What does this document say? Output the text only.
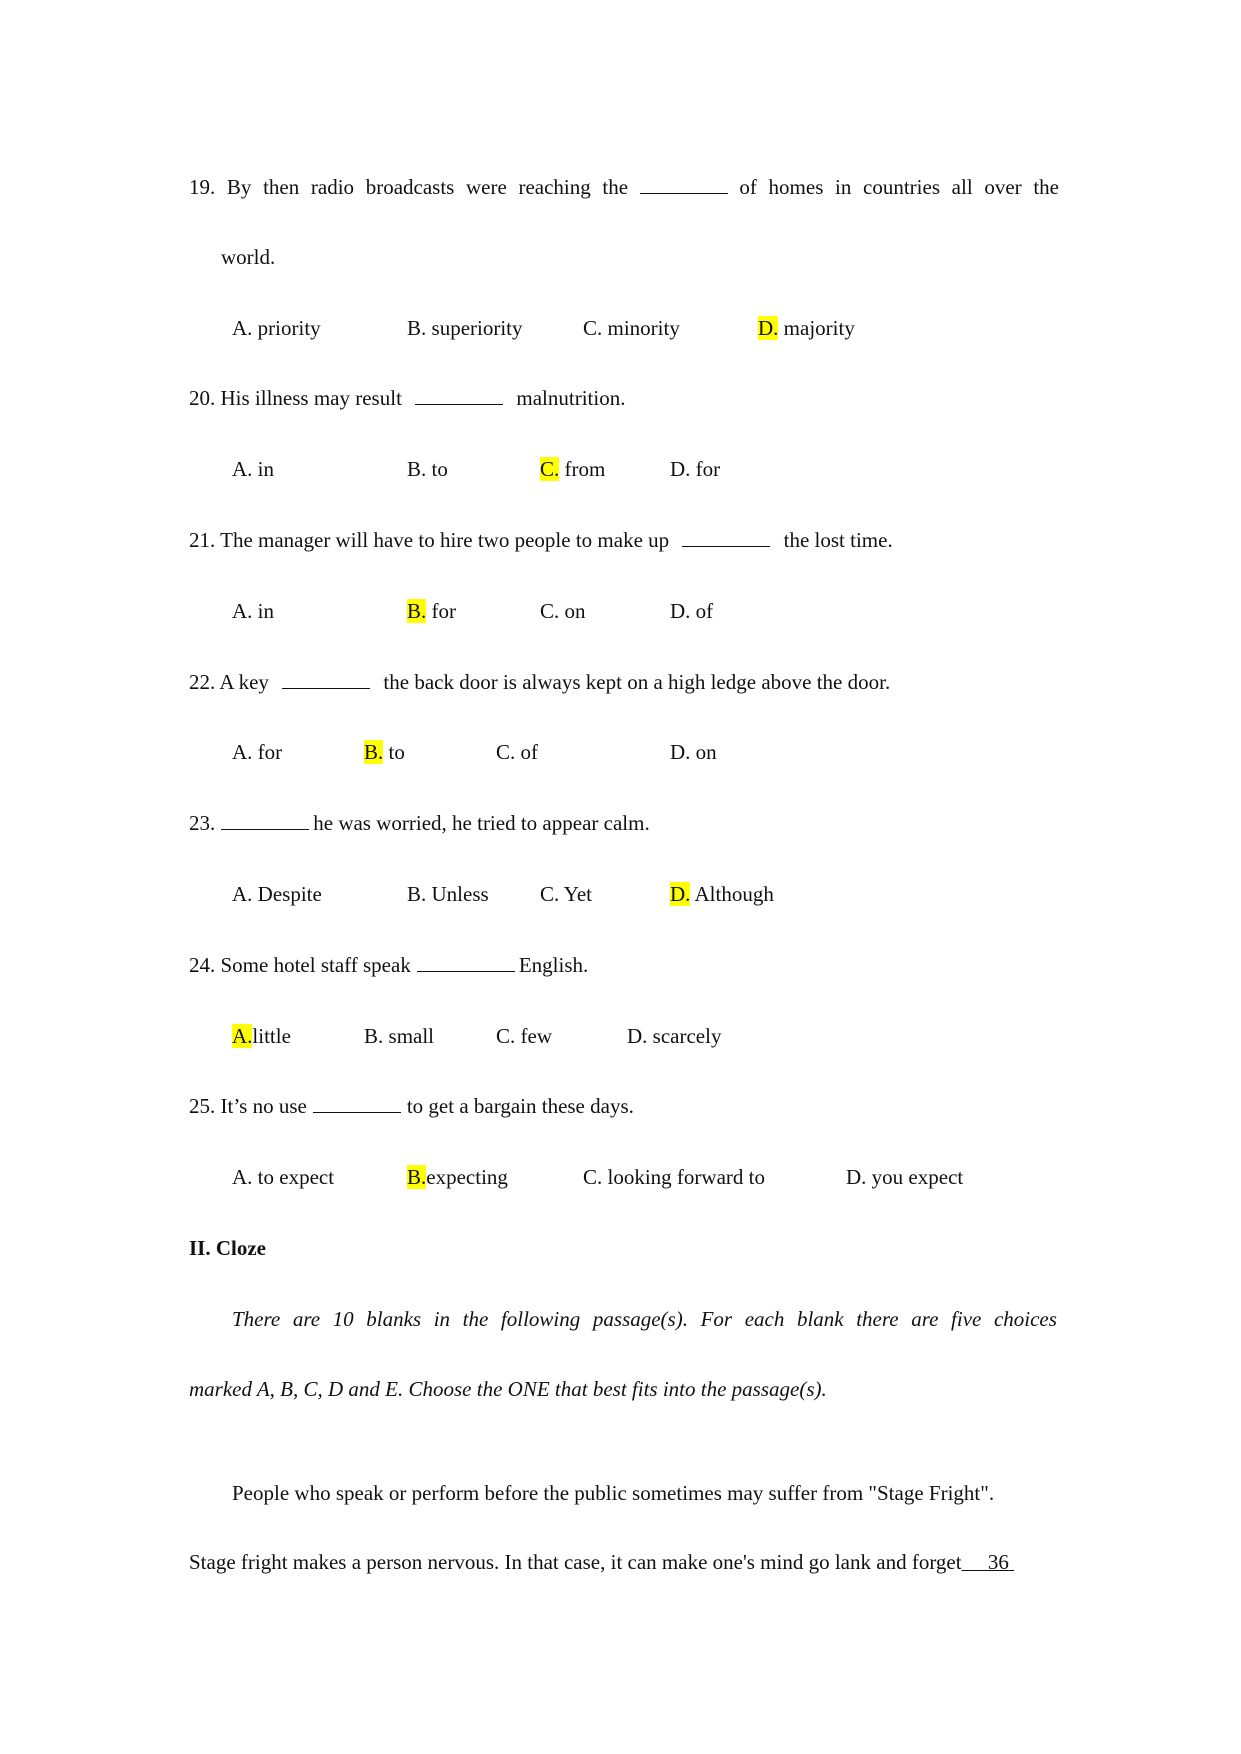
19. By then radio broadcasts were reaching the	of homes in countries all over the
world.
A. priority	B. superiority	C. minority	D. majority
20. His illness may result	malnutrition.
A. in	B. to	C. from	D. for
21. The manager will have to hire two people to make up	the lost time.
A. in	B. for	C. on	D. of
22. A key	the back door is always kept on a high ledge above the door.
A. for	B. to	C. of	D. on
23.	he was worried, he tried to appear calm.
A. Despite	B. Unless C. Yet	D. Although
24. Some hotel staff speak	English.
A.little	B. small	C. few	D. scarcely
25. It’s no use	to get a bargain these days.
A. to expect	B.expecting	C. looking forward to	D. you expect
II. Cloze
There are 10 blanks in the following passage(s). For each blank there are five choices
marked A, B, C, D and E. Choose the ONE that best fits into the passage(s).
People who speak or perform before the public sometimes may suffer from "Stage Fright".
Stage fright makes a person nervous. In that case, it can make one's mind go lank and forget 36
